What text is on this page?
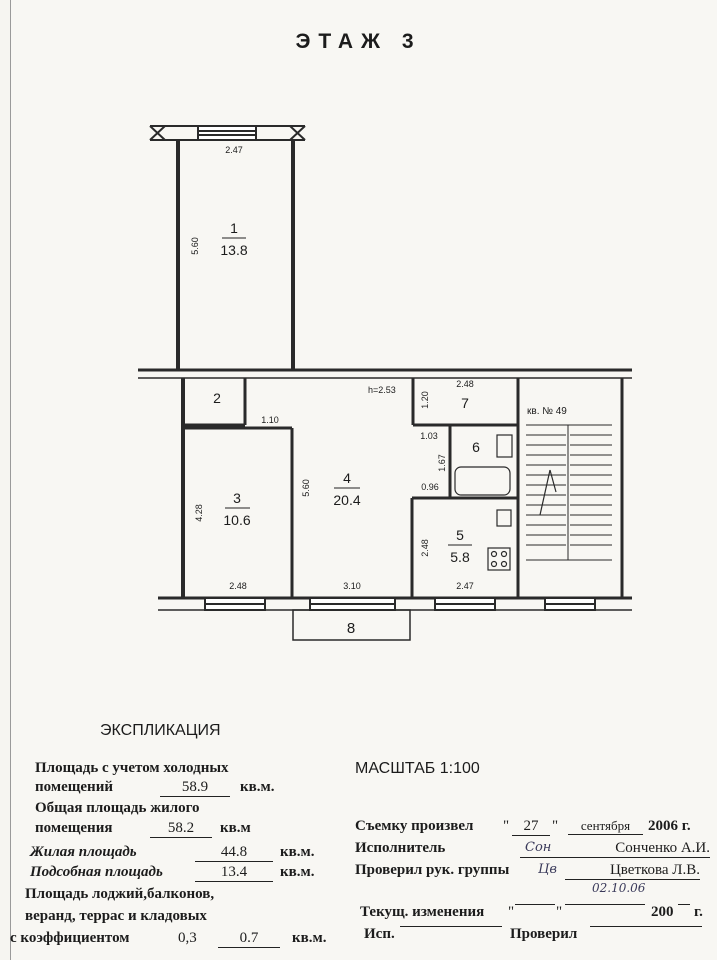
ЭТАЖ 3
1
13.8
2
3
10.6
4
20.4
5
5.8
6
7
8
h=2.53
кв. № 49
2.47
5.60
1.10
4.28
2.48
5.60
3.10
2.48
1.20
1.03
1.67
0.96
2.48
2.47
ЭКСПЛИКАЦИЯ
Площадь с учетом холодных
помещений	58.9	кв.м.
Общая площадь жилого
помещения	58.2	кв.м
Жилая площадь	44.8	кв.м.
Подсобная площадь	13.4	кв.м.
Площадь лоджий,балконов,
веранд, террас и кладовых
с коэффициентом	0,3	0.7	кв.м.
МАСШТАБ 1:100
Съемку произвел " 27 "	сентября	2006 г.
Исполнитель	Сонченко А.И.
Сон
Проверил рук. группы	Цветкова Л.В.
Цв
02.10.06
Текущ. изменения "	"	200 г.
Исп.	Проверил
